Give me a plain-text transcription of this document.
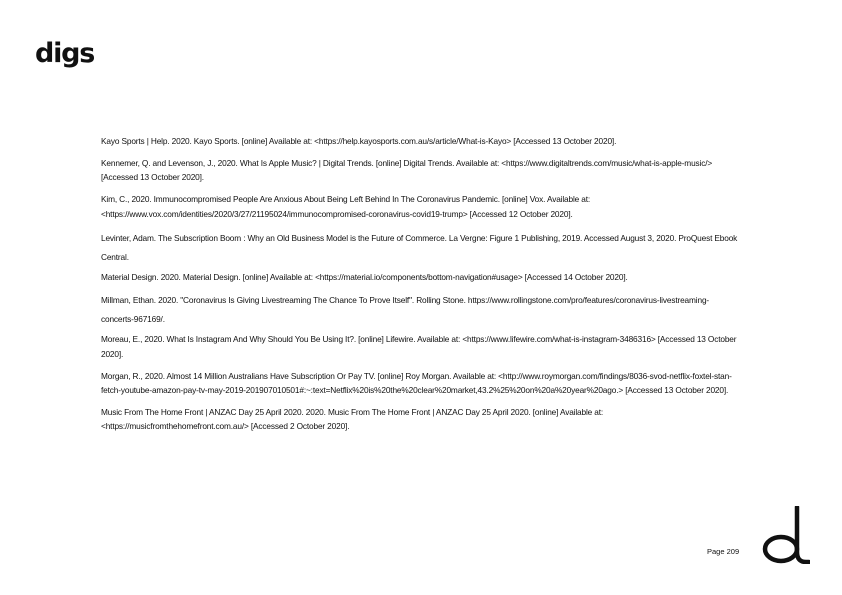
digs
Kayo Sports | Help. 2020. Kayo Sports. [online] Available at: <https://help.kayosports.com.au/s/article/What-is-Kayo> [Accessed 13 October 2020].
Kennemer, Q. and Levenson, J., 2020. What Is Apple Music? | Digital Trends. [online] Digital Trends. Available at: <https://www.digitaltrends.com/music/what-is-apple-music/> [Accessed 13 October 2020].
Kim, C., 2020. Immunocompromised People Are Anxious About Being Left Behind In The Coronavirus Pandemic. [online] Vox. Available at: <https://www.vox.com/identities/2020/3/27/21195024/immunocompromised-coronavirus-covid19-trump> [Accessed 12 October 2020].
Levinter, Adam. The Subscription Boom : Why an Old Business Model is the Future of Commerce. La Vergne: Figure 1 Publishing, 2019. Accessed August 3, 2020. ProQuest Ebook Central.
Material Design. 2020. Material Design. [online] Available at: <https://material.io/components/bottom-navigation#usage> [Accessed 14 October 2020].
Millman, Ethan. 2020. "Coronavirus Is Giving Livestreaming The Chance To Prove Itself". Rolling Stone. https://www.rollingstone.com/pro/features/coronavirus-livestreaming-concerts-967169/.
Moreau, E., 2020. What Is Instagram And Why Should You Be Using It?. [online] Lifewire. Available at: <https://www.lifewire.com/what-is-instagram-3486316> [Accessed 13 October 2020].
Morgan, R., 2020. Almost 14 Million Australians Have Subscription Or Pay TV. [online] Roy Morgan. Available at: <http://www.roymorgan.com/findings/8036-svod-netflix-foxtel-stan-fetch-youtube-amazon-pay-tv-may-2019-201907010501#:~:text=Netflix%20is%20the%20clear%20market,43.2%25%20on%20a%20year%20ago.> [Accessed 13 October 2020].
Music From The Home Front | ANZAC Day 25 April 2020. 2020. Music From The Home Front | ANZAC Day 25 April 2020. [online] Available at: <https://musicfromthehomefront.com.au/> [Accessed 2 October 2020].
Page 209
